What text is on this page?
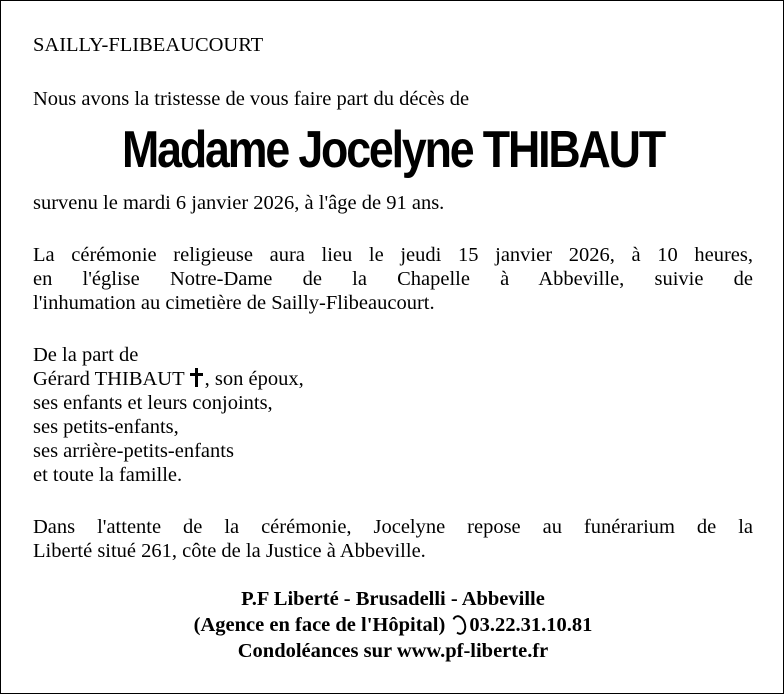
SAILLY-FLIBEAUCOURT
Nous avons la tristesse de vous faire part du décès de
Madame Jocelyne THIBAUT
survenu le mardi 6 janvier 2026, à l'âge de 91 ans.
La cérémonie religieuse aura lieu le jeudi 15 janvier 2026, à 10 heures,
en l'église Notre-Dame de la Chapelle à Abbeville, suivie de
l'inhumation au cimetière de Sailly-Flibeaucourt.
De la part de
Gérard THIBAUT , son époux,
ses enfants et leurs conjoints,
ses petits-enfants,
ses arrière-petits-enfants
et toute la famille.
Dans l'attente de la cérémonie, Jocelyne repose au funérarium de la
Liberté situé 261, côte de la Justice à Abbeville.
P.F Liberté - Brusadelli - Abbeville
(Agence en face de l'Hôpital) 03.22.31.10.81
Condoléances sur www.pf-liberte.fr
